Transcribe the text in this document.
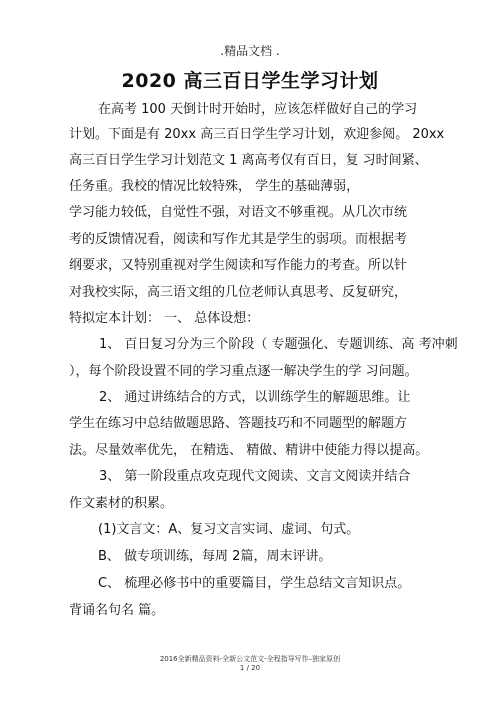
.精品文档 .
2020 高三百日学生学习计划
在高考 100 天倒计时开始时，应该怎样做好自己的学习
计划。下面是有 20xx 高三百日学生学习计划，欢迎参阅。 20xx
高三百日学生学习计划范文 1 离高考仅有百日，复 习时间紧、
任务重。我校的情况比较特殊， 学生的基础薄弱，
学习能力较低，自觉性不强，对语文不够重视。从几次市统
考的反馈情况看，阅读和写作尤其是学生的弱项。而根据考
纲要求，又特别重视对学生阅读和写作能力的考查。所以针
对我校实际，高三语文组的几位老师认真思考、反复研究，
特拟定本计划： 一、 总体设想：
1、 百日复习分为三个阶段（ 专题强化、专题训练、高 考冲刺
），每个阶段设置不同的学习重点逐一解决学生的学 习问题。
2、 通过讲练结合的方式，以训练学生的解题思维。让
学生在练习中总结做题思路、答题技巧和不同题型的解题方
法。尽量效率优先， 在精选、 精做、精讲中使能力得以提高。
3、 第一阶段重点攻克现代文阅读、文言文阅读并结合
作文素材的积累。
(1)文言文：A、复习文言实词、虚词、句式。
B、 做专项训练，每周 2篇，周末评讲。
C、 梳理必修书中的重要篇目，学生总结文言知识点。
背诵名句名 篇。
2016全新精品资料-全新公文范文-全程指导写作–独家原创
1 / 20
